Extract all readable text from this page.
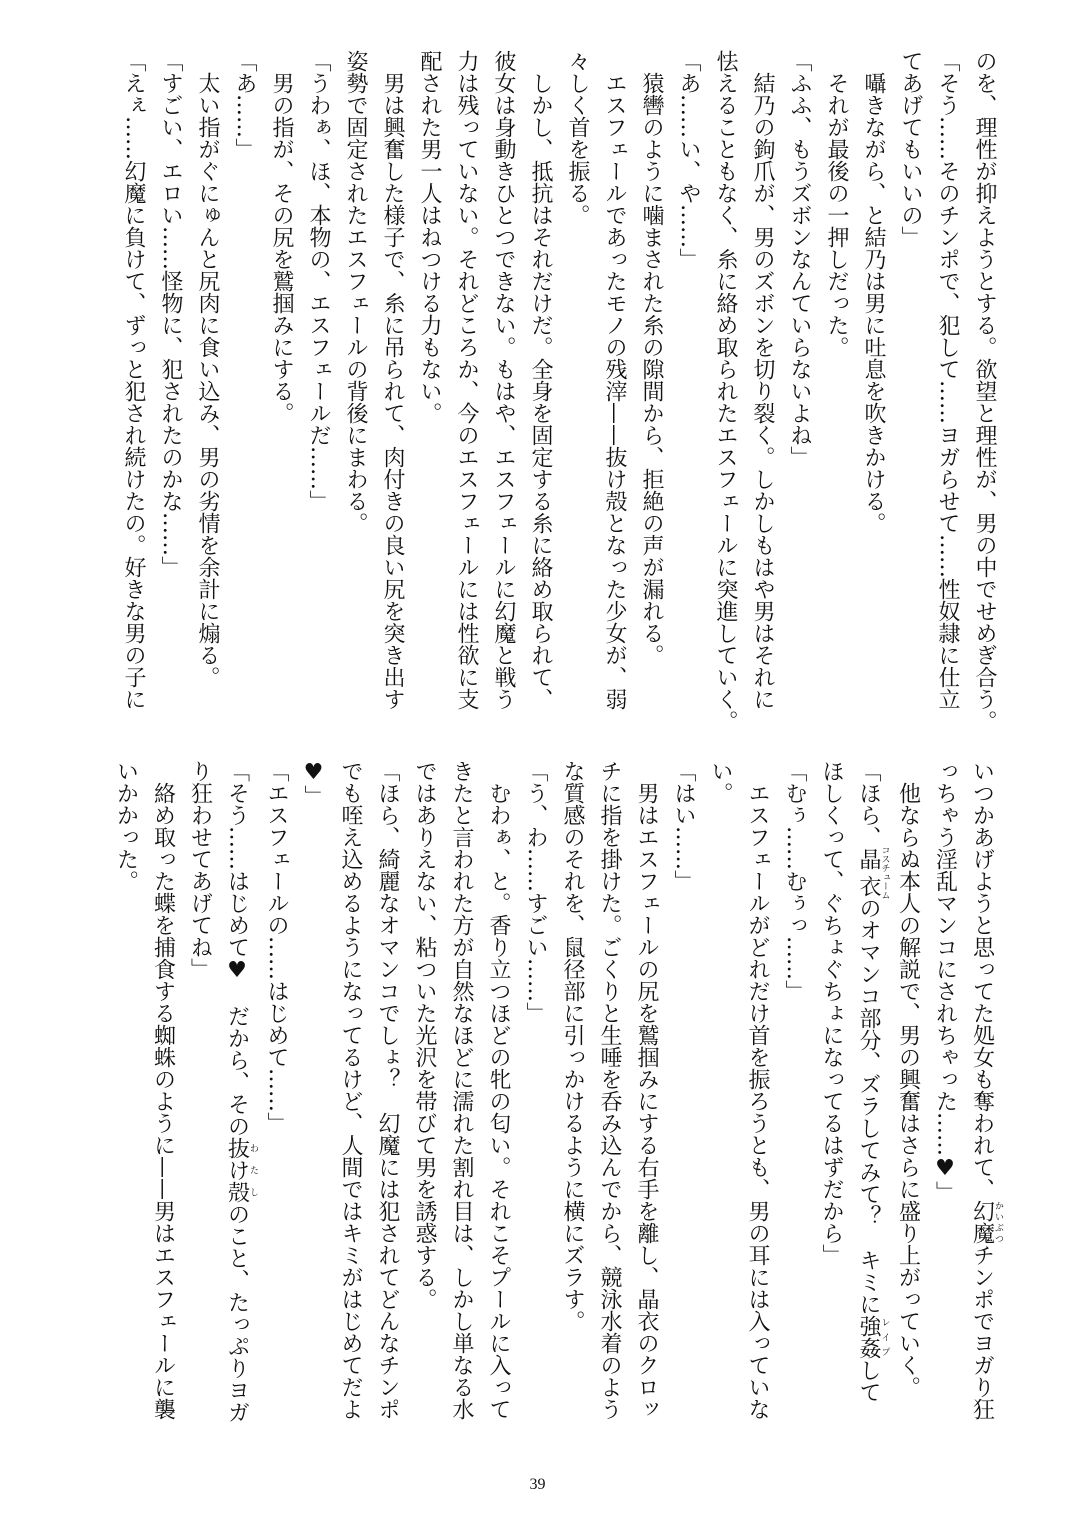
のを、理性が抑えようとする。欲望と理性が、男の中でせめぎ合う。
「そう……そのチンポで、犯して……ヨガらせて……性奴隷に仕立
てあげてもいいの」
　囁きながら、と結乃は男に吐息を吹きかける。
　それが最後の一押しだった。
「ふふ、もうズボンなんていらないよね」
　結乃の鉤爪が、男のズボンを切り裂く。しかしもはや男はそれに
怯えることもなく、糸に絡め取られたエスフェールに突進していく。
「あ……い、や……」
　猿轡のように噛まされた糸の隙間から、拒絶の声が漏れる。
　エスフェールであったモノの残滓——抜け殻となった少女が、弱
々しく首を振る。
　しかし、抵抗はそれだけだ。全身を固定する糸に絡め取られて、
彼女は身動きひとつできない。もはや、エスフェールに幻魔と戦う
力は残っていない。それどころか、今のエスフェールには性欲に支
配された男一人はねつける力もない。
　男は興奮した様子で、糸に吊られて、肉付きの良い尻を突き出す
姿勢で固定されたエスフェールの背後にまわる。
「うわぁ、ほ、本物の、エスフェールだ……」
　男の指が、その尻を鷲掴みにする。
「あ……」
　太い指がぐにゅんと尻肉に食い込み、男の劣情を余計に煽る。
「すごい、エロい……怪物に、犯されたのかな……」
「えぇ……幻魔に負けて、ずっと犯され続けたの。好きな男の子に
いつかあげようと思ってた処女も奪われて、幻魔かいぶつチンポでヨガり狂
っちゃう淫乱マンコにされちゃった……♥」
　他ならぬ本人の解説で、男の興奮はさらに盛り上がっていく。
「ほら、晶衣コスチュームのオマンコ部分、ズラしてみて？　キミに強姦レイプして
ほしくって、ぐちょぐちょになってるはずだから」
「むぅ……むぅっ……」
　エスフェールがどれだけ首を振ろうとも、男の耳には入っていな
い。
「はい……」
　男はエスフェールの尻を鷲掴みにする右手を離し、晶衣のクロッ
チに指を掛けた。ごくりと生唾を呑み込んでから、競泳水着のよう
な質感のそれを、鼠径部に引っかけるように横にズラす。
「う、わ……すごい……」
　むわぁ、と。香り立つほどの牝の匂い。それこそプールに入って
きたと言われた方が自然なほどに濡れた割れ目は、しかし単なる水
ではありえない、粘ついた光沢を帯びて男を誘惑する。
「ほら、綺麗なオマンコでしょ？　幻魔には犯されてどんなチンポ
でも咥え込めるようになってるけど、人間ではキミがはじめてだよ
♥」
「エスフェールの……はじめて……」
「そう……はじめて♥　だから、その抜け殻わたしのこと、たっぷりヨガ
り狂わせてあげてね」
　絡め取った蝶を捕食する蜘蛛のように——男はエスフェールに襲
いかかった。
39
